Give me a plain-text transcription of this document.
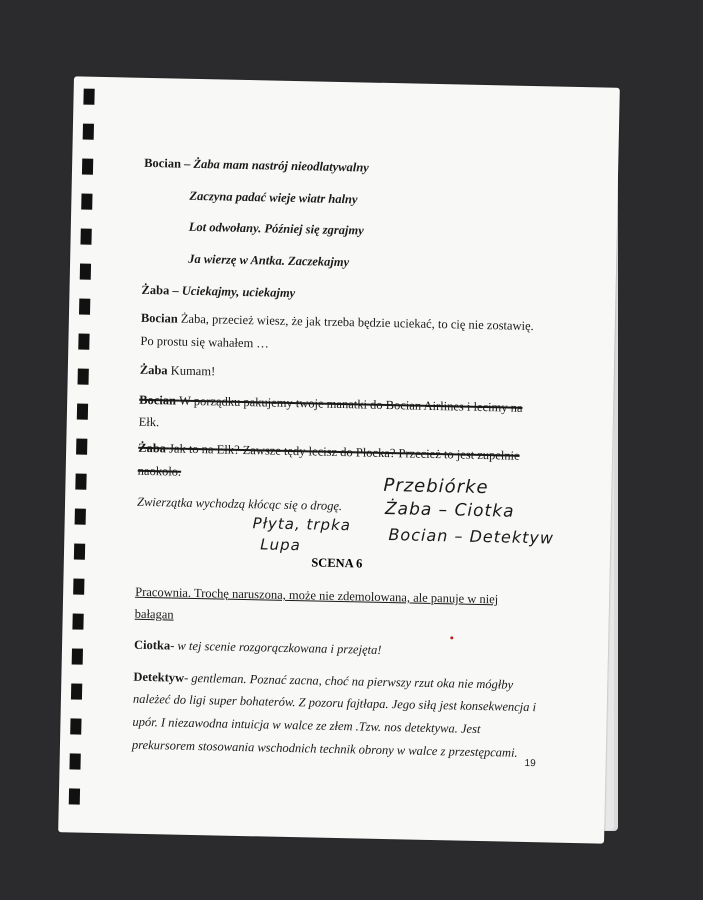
Bocian – Żaba mam nastrój nieodlatywalny
Zaczyna padać wieje wiatr halny
Lot odwołany. Później się zgrajmy
Ja wierzę w Antka. Zaczekajmy
Żaba – Uciekajmy, uciekajmy
Bocian Żaba, przecież wiesz, że jak trzeba będzie uciekać, to cię nie zostawię.
Po prostu się wahałem …
Żaba Kumam!
Bocian W porządku pakujemy twoje manatki do Bocian Airlines i lecimy na
Ełk.
Żaba Jak to na Ełk? Zawsze tędy lecisz do Płocka? Przecież to jest zupełnie
naokoło.
Zwierzątka wychodzą kłócąc się o drogę.
SCENA 6
Pracownia. Trochę naruszona, może nie zdemolowana, ale panuje w niej
bałagan
Ciotka- w tej scenie rozgorączkowana i przejęta!
Detektyw- gentleman. Poznać zacna, choć na pierwszy rzut oka nie mógłby
należeć do ligi super bohaterów. Z pozoru fajtłapa. Jego siłą jest konsekwencja i
upór. I niezawodna intuicja w walce ze złem .Tzw. nos detektywa. Jest
prekursorem stosowania wschodnich technik obrony w walce z przestępcami.
19
Przebiórke
Żaba – Ciotka
Bocian – Detektyw
Płyta, trpka
Lupa
